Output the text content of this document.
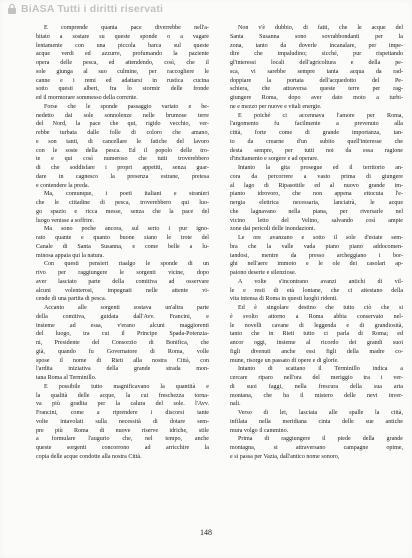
BiASA Tutti i diritti riservati
E comprende quanta pace diverrebbe nell'a-
bitato a sostare su queste sponde o a vagare
lentamente con una piccola barca sul queste
acque verdi ed azzurre, profumando la paziente
opera delle pesca, ed attendendo, così, che il
sole giunga al suo culmine, per raccogliere le
canne e i remi ed adattarsi in rustica cucina
sotto questi alberi, fra lo stormir delle fronde
ed il mormorare sommesso della corrente.
Forse che le sponde passaggio variato e be-
nedetto dai sole sonnolenze nelle brumose terre
del Nord, la pace che qui, rigido vecchio, ver-
rebbe turbata dalle folle di coloro che amano,
e son tanti, di cancellare le fatiche del lavoro
con le soste della pesca. Ed il popolo delle tro-
te e qui così numeroso che tutti troverebbero
di che soddisfare i propri appetiti, senza guar-
dare in cagnesco la presenza estrane, pretesa
e contendere la preda.
Ma, comunque, i poeti italiani e stranieri
che le cittadine di pesca, troverebbero qui luo-
go spazio e ricca messe, senza che la pace del
luogo venisse a soffrire.
Ma sono poche ancora, sul serio i pur igno-
rato quante e quanto buone siano le trote del
Canale di Santa Susanna, e come belle a lu-
minosa appaia qui la natura.
Con questi pensieri riaalgo le sponde di un
rivo per raggiungere le sorgenti vicine, dopo
aver lasciato parte della comitiva ad osservare
alcuni volenterosi, impegnati nelle attente vi-
cende di una partita di pesca.
Accanto alle sorgenti sostava un'altra parte
della comitiva, guidata dall'Avv. Francini, e
insieme ad essa, v'erano alcuni maggiorenti
del luogo, tra cui il Principe Spada-Potenzia-
ni, Presidente del Consorzio di Bonifica, che
già, quando fu Governatore di Roma, volle
spose il nome di Rieti alla nostra Città, con
l'ardita iniziativa della grande strada mon-
tana Roma al Terminillo.
E possibile tutto magnificavano la quantità e
la qualità delle acque, la cui freschezza torna-
va più gradita per la calura del sole. l'Avv.
Francini, come a riprendere i discorsi tante
volte intavolati sulla necessità di dotare sem-
pre più Roma di nuove riserve idriche, stile
a formulare l'augurio che, nel tempo, anche
queste sorgenti concorrono ad arricchire la
copia delle acque condotte alla nostra Città.
Non v'è dubbio, di fatti, che le acque del
Santa Susanna sono sovrabbondanti per la
zona, tanto da doverle incanalare, per impe-
dire che impaludino; sicché, pur rispettando
gl'interessi locali dell'agricoltura e della pe-
sca, vi sarebbe sempre tanta acqua da rad-
doppiare la portata dell'acquedotto del Pe-
schiera, che attraversa queste terre per rag-
giungere Roma, dopo aver dato moto a turbi-
ne e mezzo per nuove e vitali energie.
E poiché ci accennava l'amore per Roma,
l'argomento fu facilmente a prevenuto alla
città, forte come di grande importanza, tan-
to da crearne d'un subito quell'interesse che
desta sempre, per tutti noi da essa ragione
d'incitamento e sorgere e ad operare.
Intanto la gita prosegue ed il territorio an-
cora da percorrere a vasto prima di giungere
al lago di Ripasottile ed al nuovo grande im-
pianto idrovoro, che non appena ettocuta l'e-
nergia elettrica necessaria, lanciatrà, le acque
che lagnavano nella piana, per riversarle nel
vicino letto del Velino, salvando così ampie
zone dai pericoli delle inondazioni.
Le ore avanzano e sotto il sole d'estate sem-
bra che la valle vada piano piano addocomen-
tandosi, mentre da presso archeggiano i bor-
ghi nell'aere immoto e le ole dei casolari ap-
paiono deserte e silenziose.
A volte s'incontrano avanzi antichi di vil-
le e resti di età lontane, che ci attestano della
vita intensa di Roma in questi luoghi ridenti.
Ed è singolare destino che tutto ciò che si
è svolto attorno a Roma abbia conservato nel-
le novelli cavane di leggenda e di grandiosità,
tanto che in Rieti tutto ci parla di Roma; ed
ancor oggi, insieme al ricordo dei grandi suoi
figli divenuti anche essi figli della madre co-
mune, risorge un passato di opere e di glorie.
Intanto di scattano il Terminillo indica a
cercare riparo nell'ora del meriggio tra i ver-
di suoi faggi, nella frescura della sua aria
montana, che ha il mistero delle nevi inver-
nali.
Verso di lei, lasciata alle spalle la città,
infilata nella meridiana cinta delle sue antiche
mura volgo il cammino.
Prima di raggiungere il piede della grande
montagna, si attraversano campagne opime,
e si passa per Vazia, dall'antico nome sonoro,
148
